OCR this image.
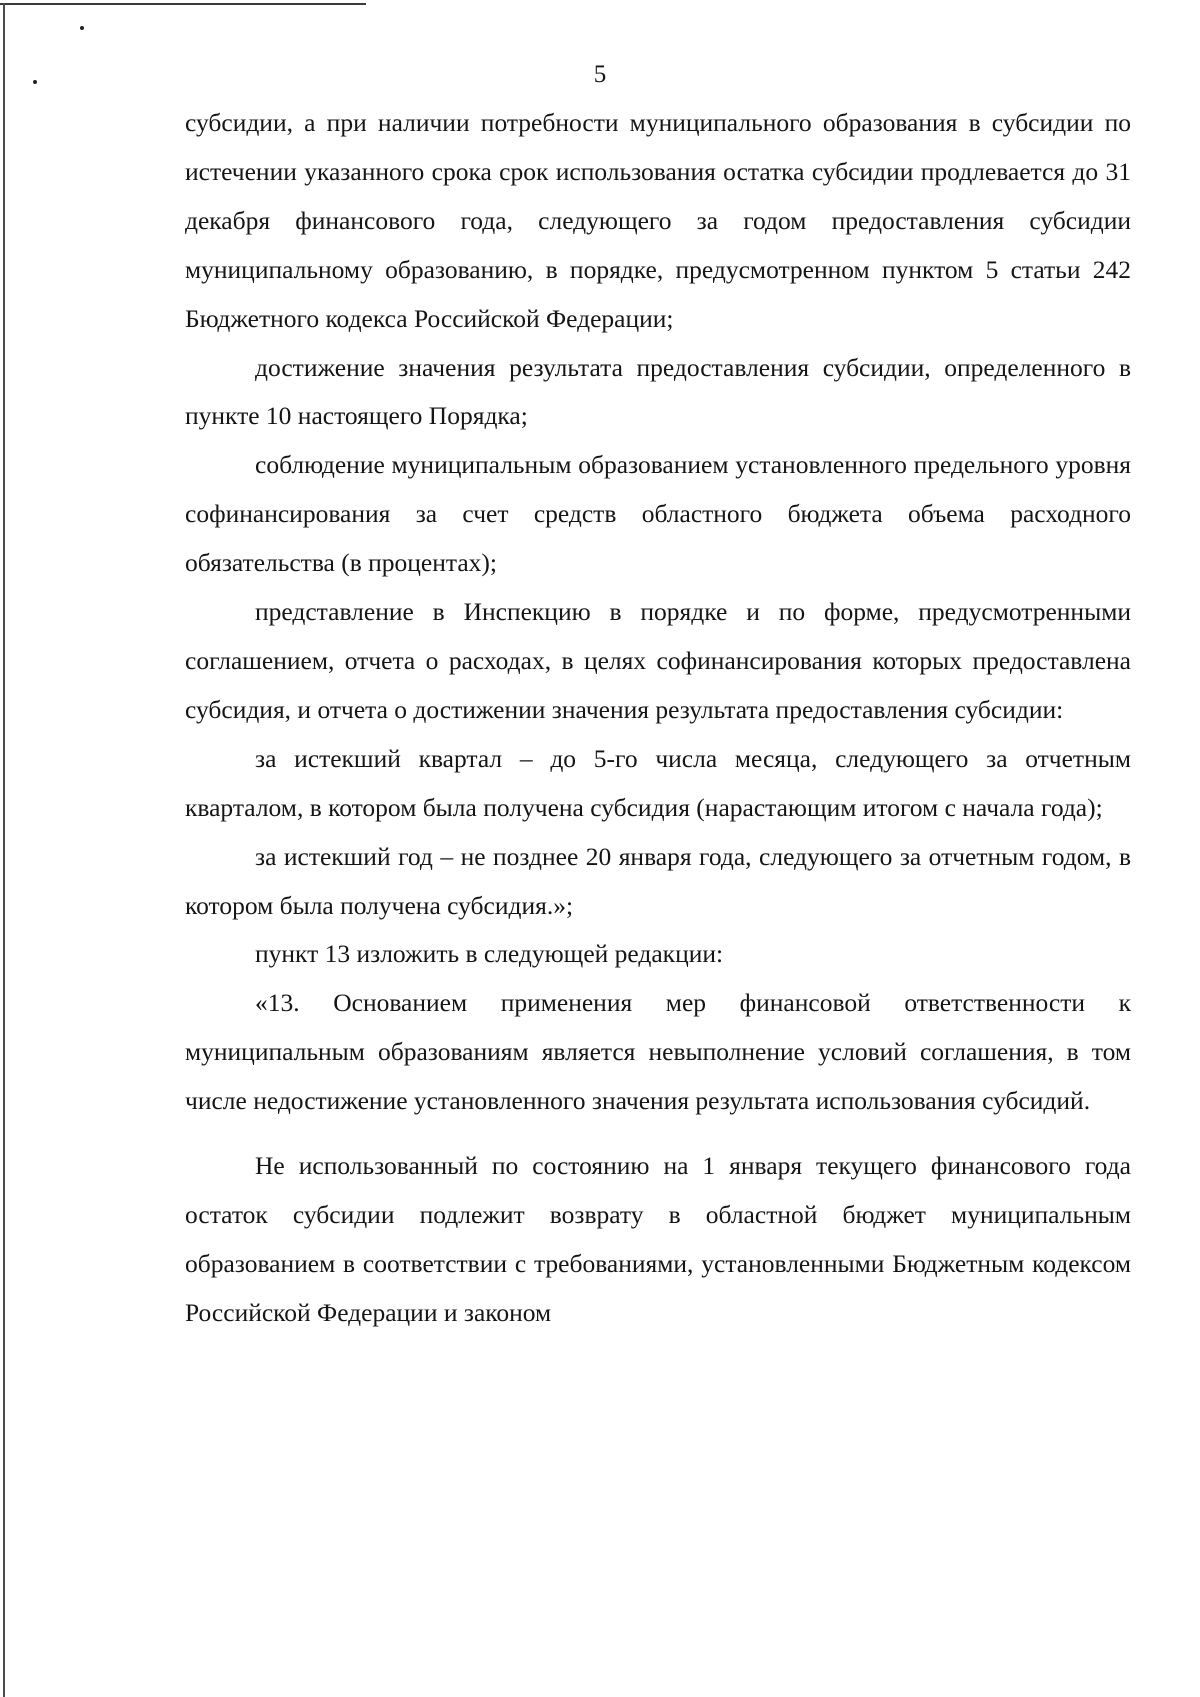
5

субсидии, а при наличии потребности муниципального образования в субсидии по истечении указанного срока срок использования остатка субсидии продлевается до 31 декабря финансового года, следующего за годом предоставления субсидии муниципальному образованию, в порядке, предусмотренном пунктом 5 статьи 242 Бюджетного кодекса Российской Федерации;

достижение значения результата предоставления субсидии, определенного в пункте 10 настоящего Порядка;

соблюдение муниципальным образованием установленного предельного уровня софинансирования за счет средств областного бюджета объема расходного обязательства (в процентах);

представление в Инспекцию в порядке и по форме, предусмотренными соглашением, отчета о расходах, в целях софинансирования которых предоставлена субсидия, и отчета о достижении значения результата предоставления субсидии:

за истекший квартал – до 5-го числа месяца, следующего за отчетным кварталом, в котором была получена субсидия (нарастающим итогом с начала года);

за истекший год – не позднее 20 января года, следующего за отчетным годом, в котором была получена субсидия.»;

пункт 13 изложить в следующей редакции:

«13. Основанием применения мер финансовой ответственности к муниципальным образованиям является невыполнение условий соглашения, в том числе недостижение установленного значения результата использования субсидий.

Не использованный по состоянию на 1 января текущего финансового года остаток субсидии подлежит возврату в областной бюджет муниципальным образованием в соответствии с требованиями, установленными Бюджетным кодексом Российской Федерации и законом
